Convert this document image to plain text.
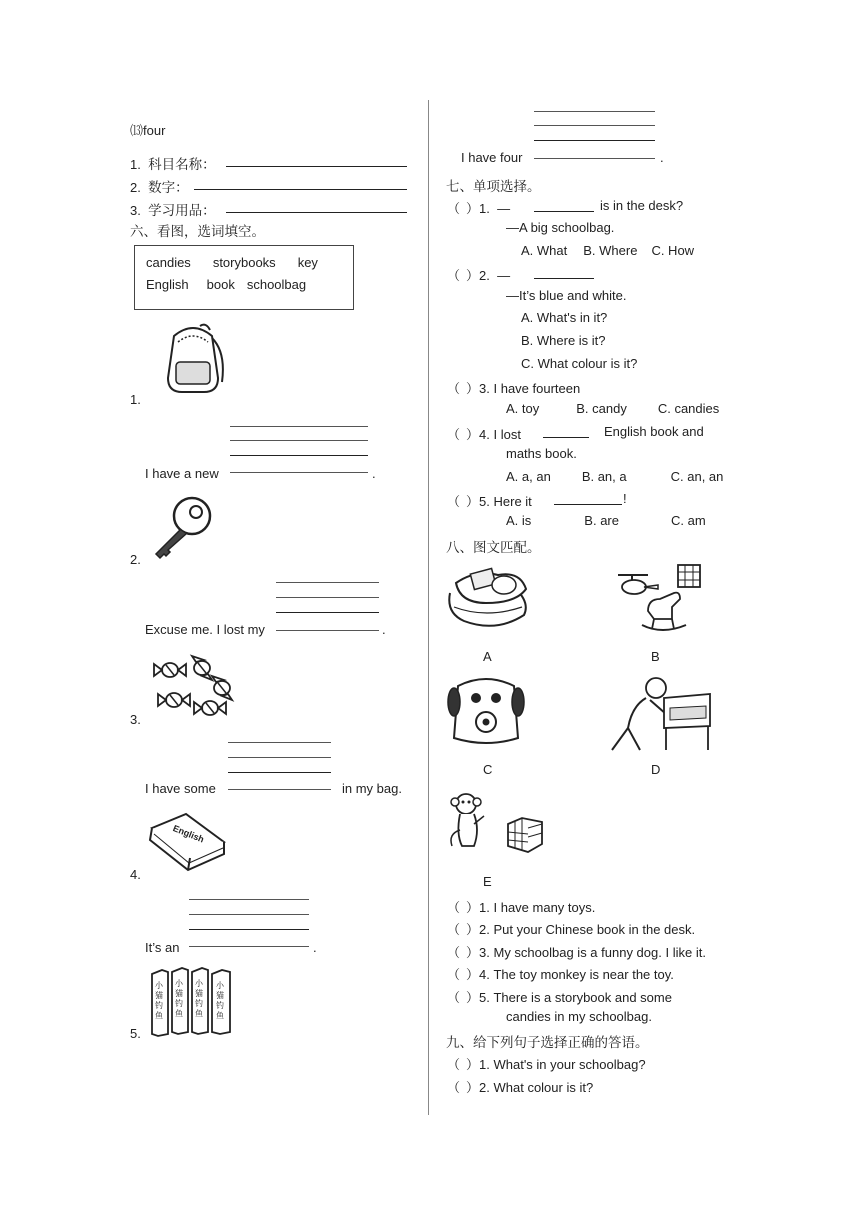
⒀four
1. 科目名称：
2. 数字：
3. 学习用品：
六、看图，选词填空。
candies storybooks key
English book schoolbag
1.
I have a new	.
2.
Excuse me. I lost my	.
3.
I have some	in my bag.
English
4.
It’s an	.
小猫钓鱼
小猫钓鱼
小猫钓鱼
小猫钓鱼
5.
I have four	.
七、单项选择。
（ ）1. —	is in the desk?
—A big schoolbag.
A. What B. Where C. How
（ ）2. —
—It’s blue and white.
A. What's in it?
B. Where is it?
C. What colour is it?
（ ）3. I have fourteen
A. toy	B. candy C. candies
（ ）4. I lost	English book and
maths book.
A. a, an B. an, a	C. an, an
（ ）5. Here it	!
A. is	B. are	C. am
八、图文匹配。
A	B
C	D
E
（ ）1. I have many toys.
（ ）2. Put your Chinese book in the desk.
（ ）3. My schoolbag is a funny dog. I like it.
（ ）4. The toy monkey is near the toy.
（ ）5. There is a storybook and some
candies in my schoolbag.
九、给下列句子选择正确的答语。
（ ）1. What's in your schoolbag?
（ ）2. What colour is it?
